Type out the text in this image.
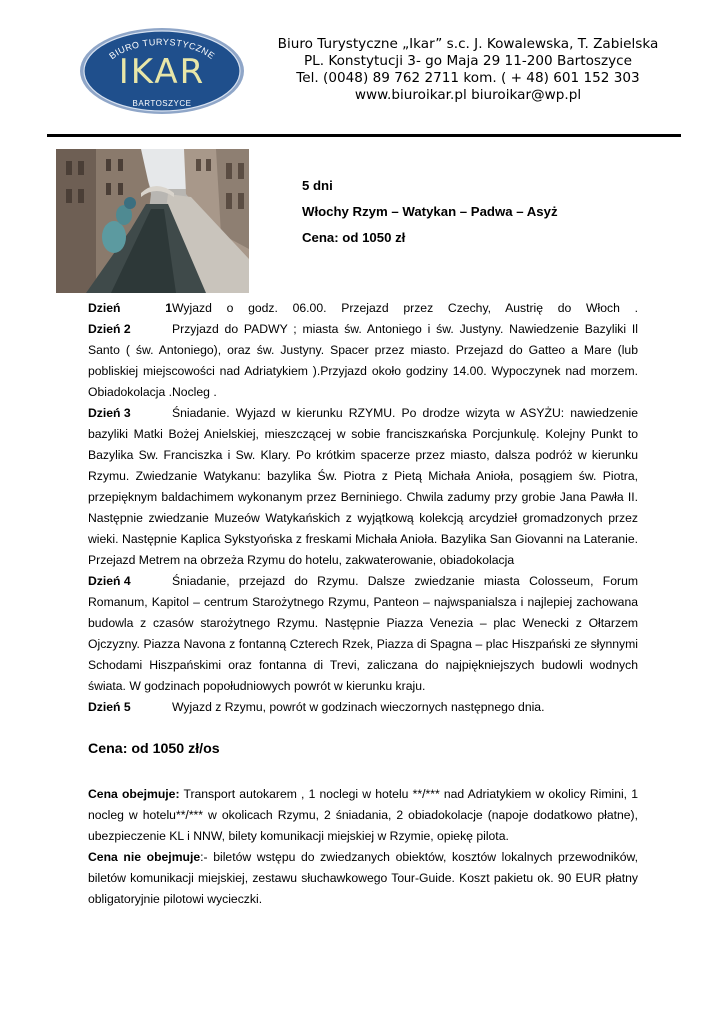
BIURO TURYSTYCZNE
IKAR
BARTOSZYCE
Biuro Turystyczne „Ikar” s.c. J. Kowalewska, T. Zabielska
PL. Konstytucji 3- go Maja 29 11-200 Bartoszyce
Tel. (0048) 89 762 2711 kom. ( + 48) 601 152 303
www.biuroikar.pl biuroikar@wp.pl
5 dni
Włochy Rzym – Watykan – Padwa – Asyż
Cena: od 1050 zł
Dzień 1Wyjazd o godz. 06.00. Przejazd przez Czechy, Austrię do Włoch .
Dzień 2	Przyjazd do PADWY ; miasta św. Antoniego i św. Justyny. Nawiedzenie Bazyliki Il Santo ( św. Antoniego), oraz św. Justyny. Spacer przez miasto. Przejazd do Gatteo a Mare (lub pobliskiej miejscowości nad Adriatykiem ).Przyjazd około godziny 14.00. Wypoczynek nad morzem. Obiadokolacja .Nocleg .
Dzień 3	Śniadanie. Wyjazd w kierunku RZYMU. Po drodze wizyta w ASYŻU: nawiedzenie bazyliki Matki Bożej Anielskiej, mieszczącej w sobie franciszĸańska Porcjunkulę. Kolejny Punkt to Bazylika Sw. Franciszka i Sw. Klary. Po krótkim spacerze przez miasto, dalsza podróż w kierunku Rzymu. Zwiedzanie Watykanu: bazylika Św. Piotra z Pietą Michała Anioła, posągiem św. Piotra, przepięknym baldachimem wykonanym przez Berniniego. Chwila zadumy przy grobie Jana Pawła II. Następnie zwiedzanie Muzeów Watykańskich z wyjątkową kolekcją arcydzieł gromadzonych przez wieki. Następnie Kaplica Sykstyońska z freskami Michała Anioła. Bazylika San Giovanni na Lateranie. Przejazd Metrem na obrzeża Rzymu do hotelu, zakwaterowanie, obiadokolacja
Dzień 4	Śniadanie, przejazd do Rzymu. Dalsze zwiedzanie miasta Colosseum, Forum Romanum, Kapitol – centrum Starożytnego Rzymu, Panteon – najwspanialsza i najlepiej zachowana budowla z czasów starożytnego Rzymu. Następnie Piazza Venezia – plac Wenecki z Ołtarzem Ojczyzny. Piazza Navona z fontanną Czterech Rzek, Piazza di Spagna – plac Hiszpański ze słynnymi Schodami Hiszpańskimi oraz fontanna di Trevi, zaliczana do najpiękniejszych budowli wodnych świata. W godzinach popołudniowych powrót w kierunku kraju.
Dzień 5	Wyjazd z Rzymu, powrót w godzinach wieczornych następnego dnia.
Cena: od 1050 zł/os
Cena obejmuje: Transport autokarem , 1 noclegi w hotelu **/*** nad Adriatykiem w okolicy Rimini, 1 nocleg w hotelu**/*** w okolicach Rzymu, 2 śniadania, 2 obiadokolacje (napoje dodatkowo płatne), ubezpieczenie KL i NNW, bilety komunikacji miejskiej w Rzymie, opiekę pilota.
Cena nie obejmuje:- biletów wstępu do zwiedzanych obiektów, kosztów lokalnych przewodników, biletów komunikacji miejskiej, zestawu słuchawkowego Tour-Guide. Koszt pakietu ok. 90 EUR płatny obligatoryjnie pilotowi wycieczki.
